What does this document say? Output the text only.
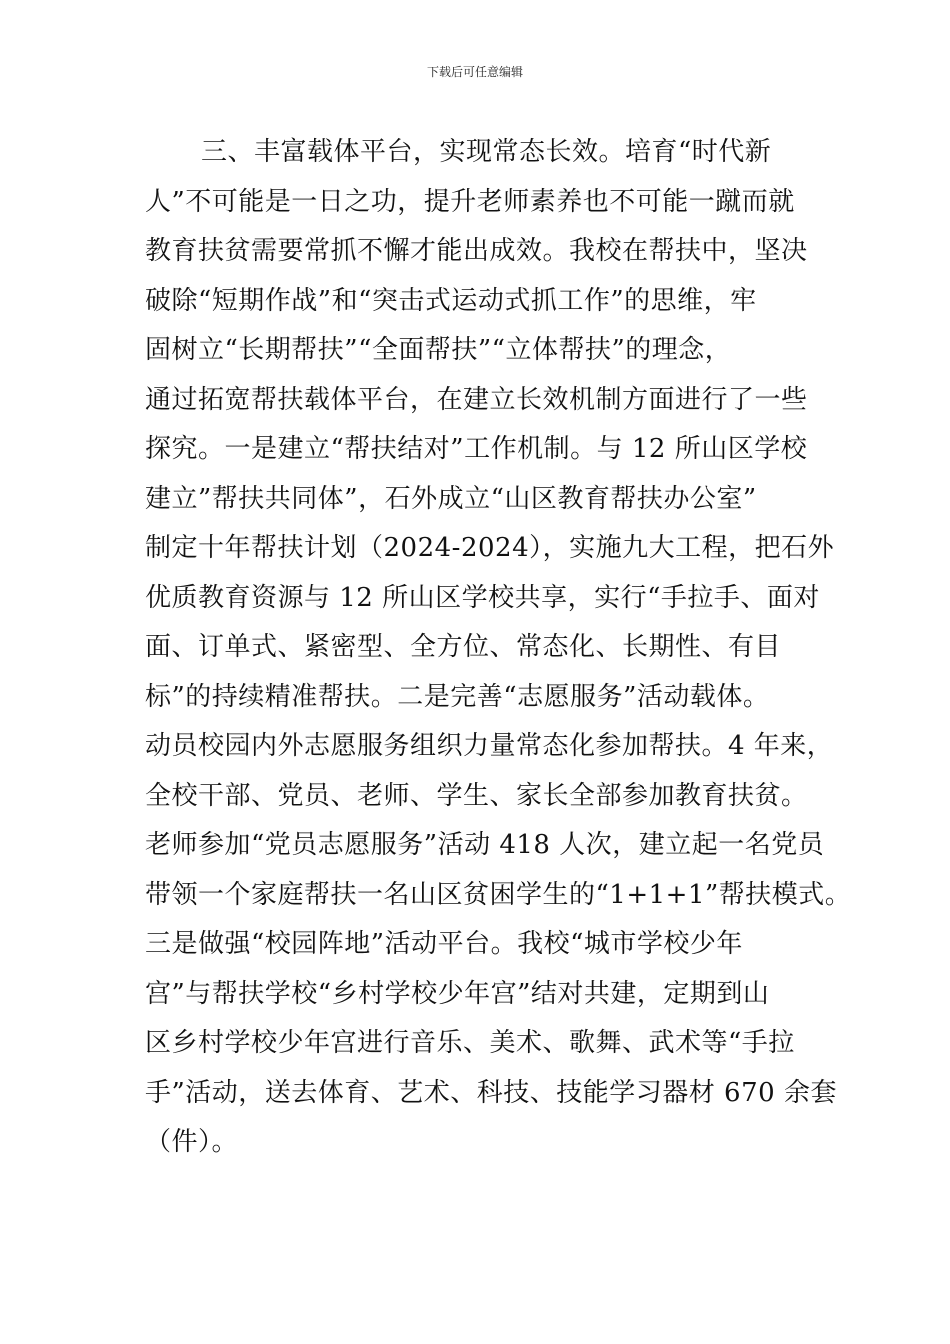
下载后可任意编辑
三、丰富载体平台，实现常态长效。培育“时代新
人”不可能是一日之功，提升老师素养也不可能一蹴而就
教育扶贫需要常抓不懈才能出成效。我校在帮扶中，坚决
破除“短期作战”和“突击式运动式抓工作”的思维，牢
固树立“长期帮扶”“全面帮扶”“立体帮扶”的理念，
通过拓宽帮扶载体平台，在建立长效机制方面进行了一些
探究。一是建立“帮扶结对”工作机制。与 12 所山区学校
建立”帮扶共同体”，石外成立“山区教育帮扶办公室”
制定十年帮扶计划（2024-2024），实施九大工程，把石外
优质教育资源与 12 所山区学校共享，实行“手拉手、面对
面、订单式、紧密型、全方位、常态化、长期性、有目
标”的持续精准帮扶。二是完善“志愿服务”活动载体。
动员校园内外志愿服务组织力量常态化参加帮扶。4 年来，
全校干部、党员、老师、学生、家长全部参加教育扶贫。
老师参加“党员志愿服务”活动 418 人次，建立起一名党员
带领一个家庭帮扶一名山区贫困学生的“1+1+1”帮扶模式。
三是做强“校园阵地”活动平台。我校“城市学校少年
宫”与帮扶学校“乡村学校少年宫”结对共建，定期到山
区乡村学校少年宫进行音乐、美术、歌舞、武术等“手拉
手”活动，送去体育、艺术、科技、技能学习器材 670 余套
（件）。
